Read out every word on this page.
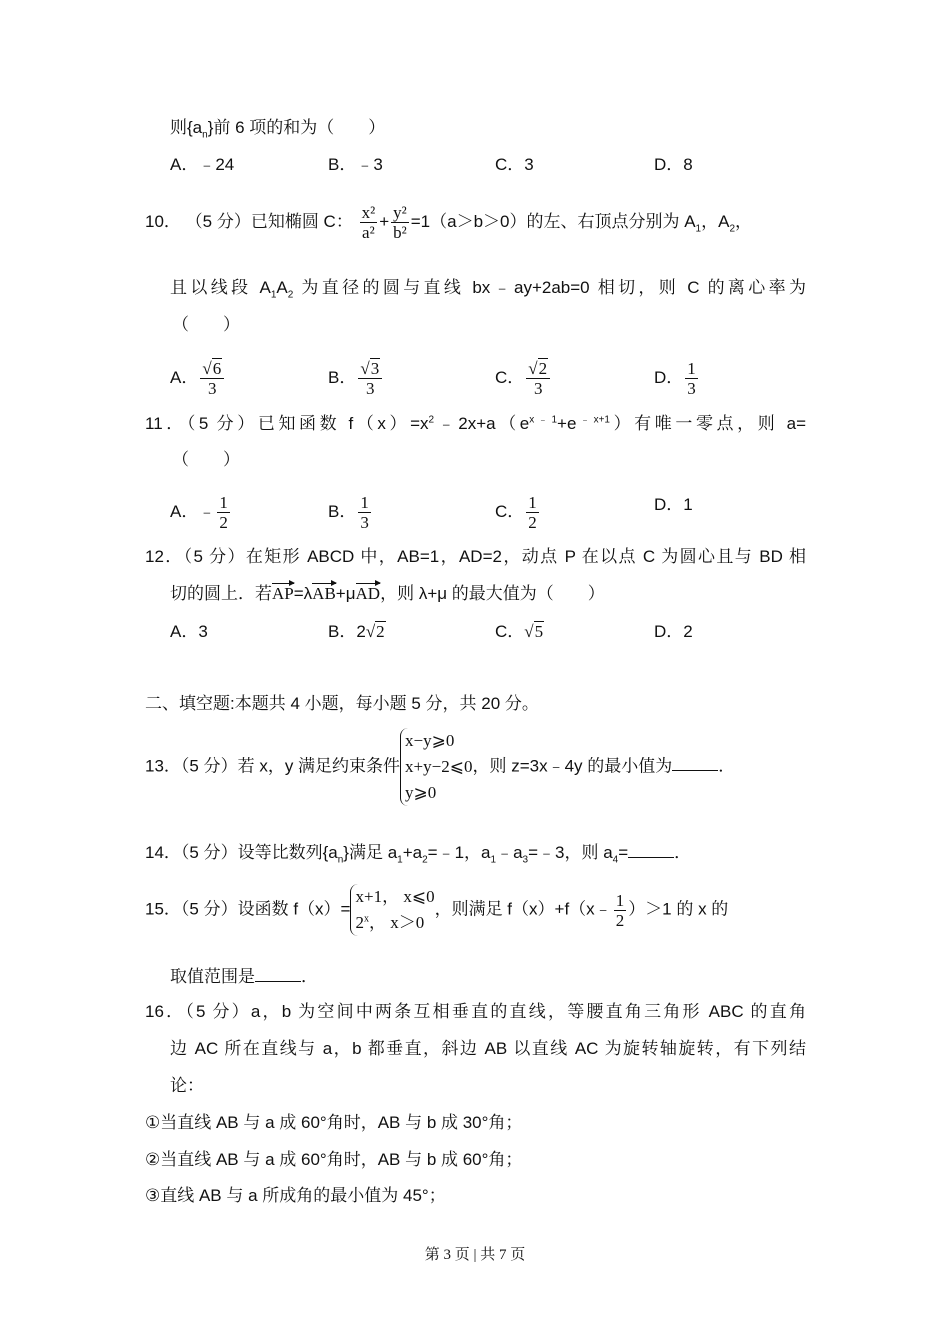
则$\{a_n\}$前 6 项的和为（　　）
A．﹣24	B．﹣3	C．3	D．8
10． （5 分）已知椭圆 C： $\frac{\text{x²}}{\text{a²}} + \frac{\text{y²}}{\text{b²}} =1(a>b>0)$的左、右顶点分别为 $A_1$，$A_2$，
且以线段 $A_1A_2$ 为直径的圆与直线 bx﹣ay+2ab=0 相切，则 C 的离心率为
（　　）
A． $\frac{√6}{3}$	B． $\frac{√3}{3}$	C． $\frac{√2}{3}$	D． $\frac{1}{3}$
11．（5 分）已知函数 $f(x)=x^2﹣2x+a(e^{x﹣1}+e^{﹣x+1})$有唯一零点，则 a=
（　　）
A．﹣ $\frac{1}{2}$	B． $\frac{1}{3}$	C． $\frac{1}{2}$	D．1
12．（5 分）在矩形 ABCD 中，AB=1，AD=2，动点 P 在以点 C 为圆心且与 BD 相
切的圆上．若AP=λAB+μAD，则 λ+μ 的最大值为（　　）
A．3	B．2√2	C．√5	D．2
二、填空题:本题共 4 小题，每小题 5 分，共 20 分。
13．（5 分）若 x，y 满足约束条件
x−y⩾0
x+y−2⩽0
y⩾0
，则 z=3x﹣4y 的最小值为	．
14．（5 分）设等比数列$\{a_n\}$满足 $a_1+a_2=﹣1$，$a_1﹣a_3=﹣3$，则 $a_4=$	．
15．（5 分）设函数 f（x）=
x+1， x⩽0
2$^x$， x＞0
，则满足 f（x）+f（x﹣ $\frac{1}{2} )>1$ 的 x 的
取值范围是	．
16．（5 分）a，b 为空间中两条互相垂直的直线，等腰直角三角形 ABC 的直角
边 AC 所在直线与 a，b 都垂直，斜边 AB 以直线 AC 为旋转轴旋转，有下列结
论：
①当直线 AB 与 a 成 60°角时，AB 与 b 成 30°角；
②当直线 AB 与 a 成 60°角时，AB 与 b 成 60°角；
③直线 AB 与 a 所成角的最小值为 45°；
第 3 页 | 共 7 页
